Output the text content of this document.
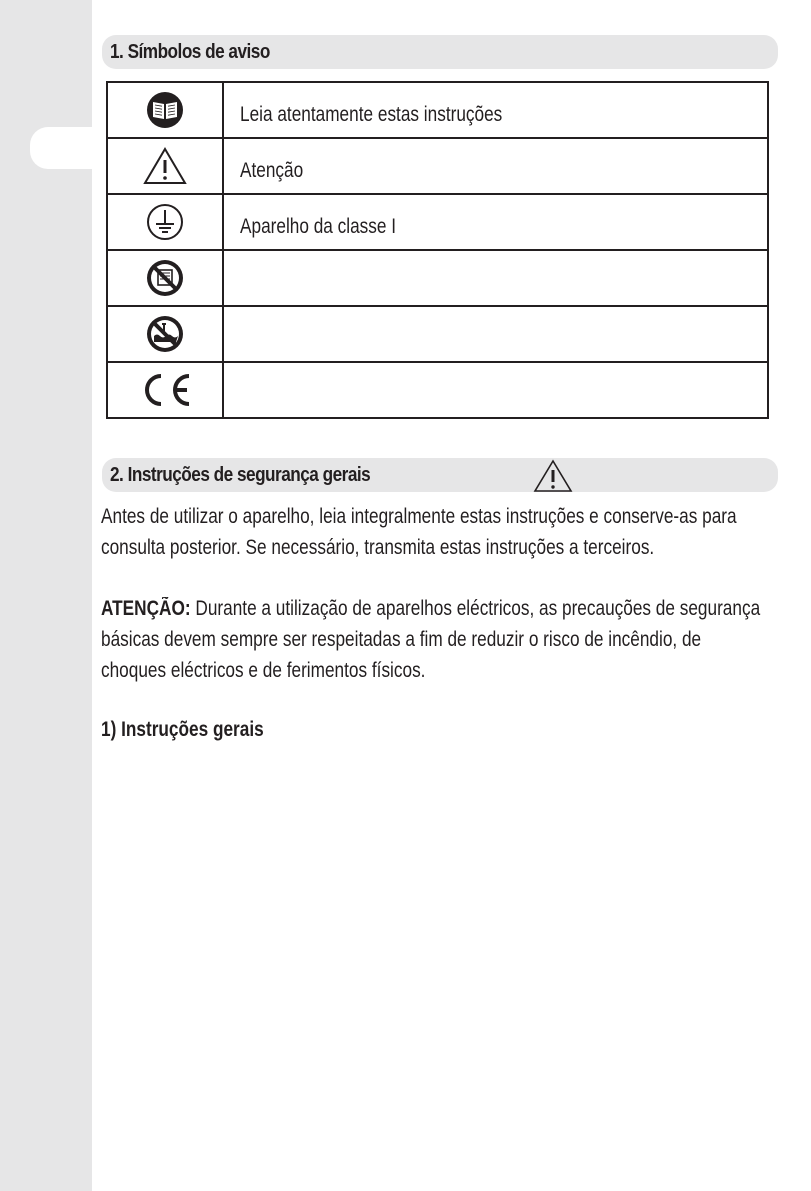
1. Símbolos de aviso
	Leia atentamente estas instruções

	Atenção

	Aparelho da classe I

2. Instruções de segurança gerais
Antes de utilizar o aparelho, leia integralmente estas instruções e conserve-as para
consulta posterior. Se necessário, transmita estas instruções a terceiros.
ATENÇÃO: Durante a utilização de aparelhos eléctricos, as precauções de segurança
básicas devem sempre ser respeitadas a fim de reduzir o risco de incêndio, de
choques eléctricos e de ferimentos físicos.
1) Instruções gerais
